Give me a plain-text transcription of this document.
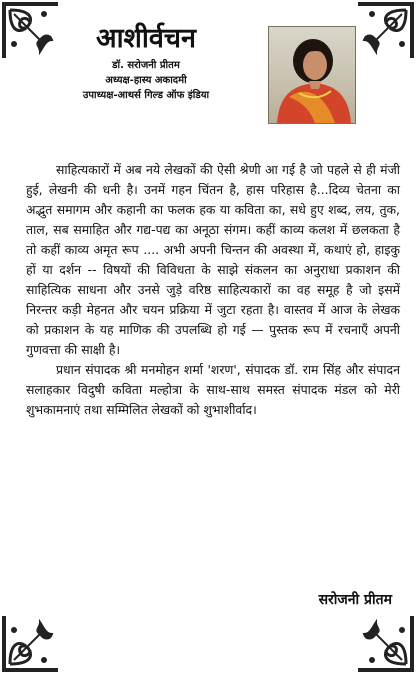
आशीर्वचन

डॉ. सरोजनी प्रीतम

अध्यक्ष-हास्य अकादमी

उपाध्यक्ष-आथर्स गिल्ड ऑफ इंडिया

साहित्यकारों में अब नये लेखकों की ऐसी श्रेणी आ गई है जो पहले से ही मंजी हुई, लेखनी की धनी है। उनमें गहन चिंतन है, हास परिहास है...दिव्य चेतना का अद्भुत समागम और कहानी का फलक हक या कविता का, सधे हुए शब्द, लय, तुक, ताल, सब समाहित और गद्य-पद्य का अनूठा संगम। कहीं काव्य कलश में छलकता है तो कहीं काव्य अमृत रूप .... अभी अपनी चिन्तन की अवस्था में, कथाएं हो, हाइकु हों या दर्शन -- विषयों की विविधता के साझे संकलन का अनुराधा प्रकाशन की साहित्यिक साधना और उनसे जुड़े वरिष्ठ साहित्यकारों का वह समूह है जो इसमें निरन्तर कड़ी मेहनत और चयन प्रक्रिया में जुटा रहता है। वास्तव में आज के लेखक को प्रकाशन के यह माणिक की उपलब्धि हो गई — पुस्तक रूप में रचनाएँ अपनी गुणवत्ता की साक्षी है।

प्रधान संपादक श्री मनमोहन शर्मा 'शरण', संपादक डॉ. राम सिंह और संपादन सलाहकार विदुषी कविता मल्होत्रा के साथ-साथ समस्त संपादक मंडल को मेरी शुभकामनाएं तथा सम्मिलित लेखकों को शुभाशीर्वाद।

सरोजनी प्रीतम
